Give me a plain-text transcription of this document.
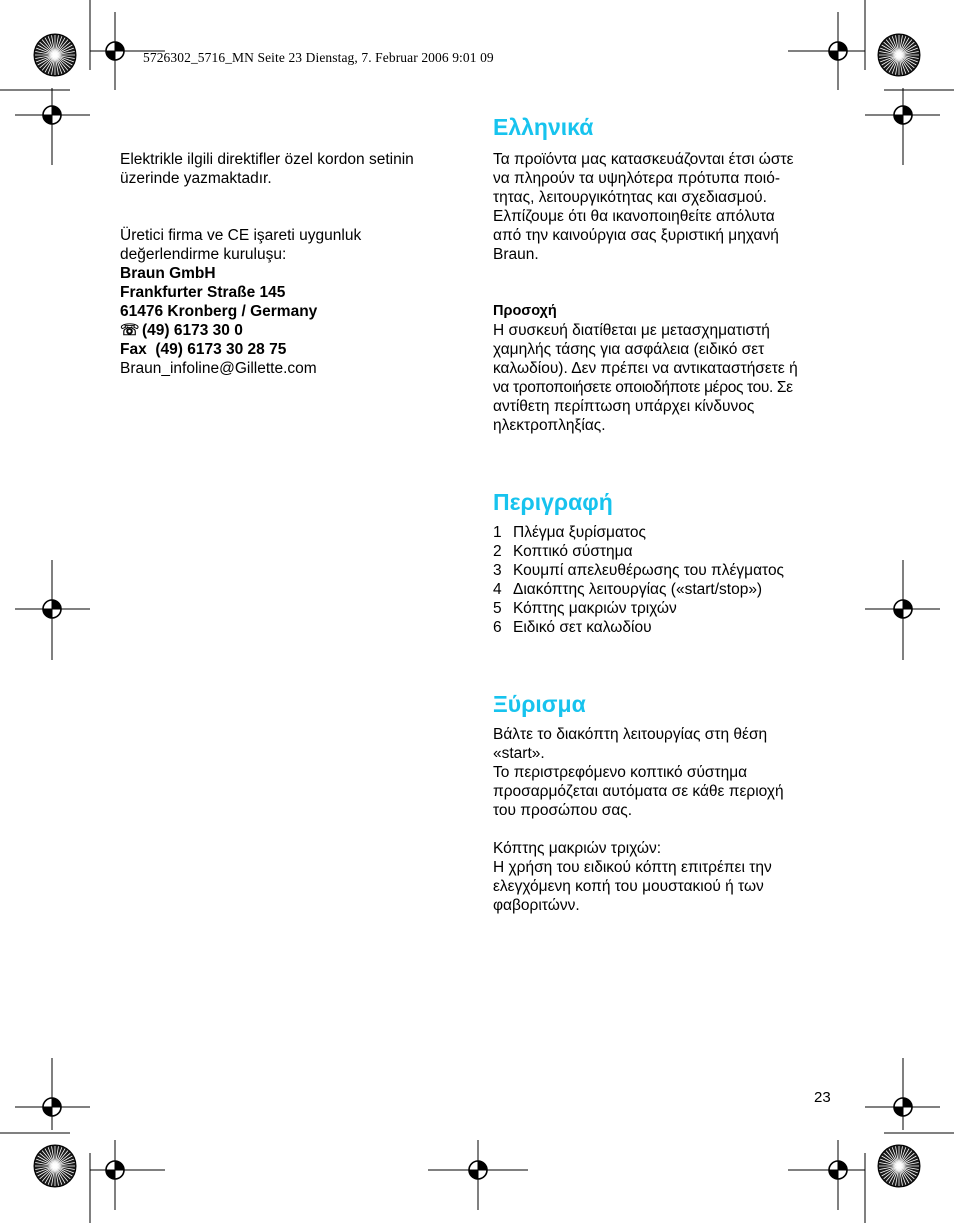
5726302_5716_MN Seite 23 Dienstag, 7. Februar 2006 9:01 09

Elektrikle ilgili direktifler özel kordon setinin üzerinde yazmaktadır.

Üretici firma ve CE işareti uygunluk değerlendirme kuruluşu:

Braun GmbH

Frankfurter Straße 145

61476 Kronberg / Germany

☏ (49) 6173 30 0

Fax (49) 6173 30 28 75

Braun_infoline@Gillette.com

Ελληνικά

Τα προϊόντα μας κατασκευάζονται έτσι ώστε

να πληρούν τα υψηλότερα πρότυπα ποιό-

τητας, λειτουργικότητας και σχεδιασμού.

Ελπίζουμε ότι θα ικανοποιηθείτε απόλυτα

από την καινούργια σας ξυριστική μηχανή

Braun.

Προσοχή

Η συσκευή διατίθεται με μετασχηματιστή

χαμηλής τάσης για ασφάλεια (ειδικό σετ

καλωδίου). Δεν πρέπει να αντικαταστήσετε ή

να τροποποιήσετε οποιοδήποτε μέρος του. Σε

αντίθετη περίπτωση υπάρχει κίνδυνος

ηλεκτροπληξίας.

Περιγραφή
1 Πλέγμα ξυρίσματος
2 Κοπτικό σύστημα
3 Κουμπί απελευθέρωσης του πλέγματος
4 Διακόπτης λειτουργίας («start/stop»)
5 Κόπτης μακριών τριχών
6 Ειδικό σετ καλωδίου
Ξύρισμα

Βάλτε το διακόπτη λειτουργίας στη θέση

«start».

Το περιστρεφόμενο κοπτικό σύστημα

προσαρμόζεται αυτόματα σε κάθε περιοχή

του προσώπου σας.

Κόπτης μακριών τριχών:

Η χρήση του ειδικού κόπτη επιτρέπει την

ελεγχόμενη κοπή του μουστακιού ή των

φαβοριτώνν.

23
